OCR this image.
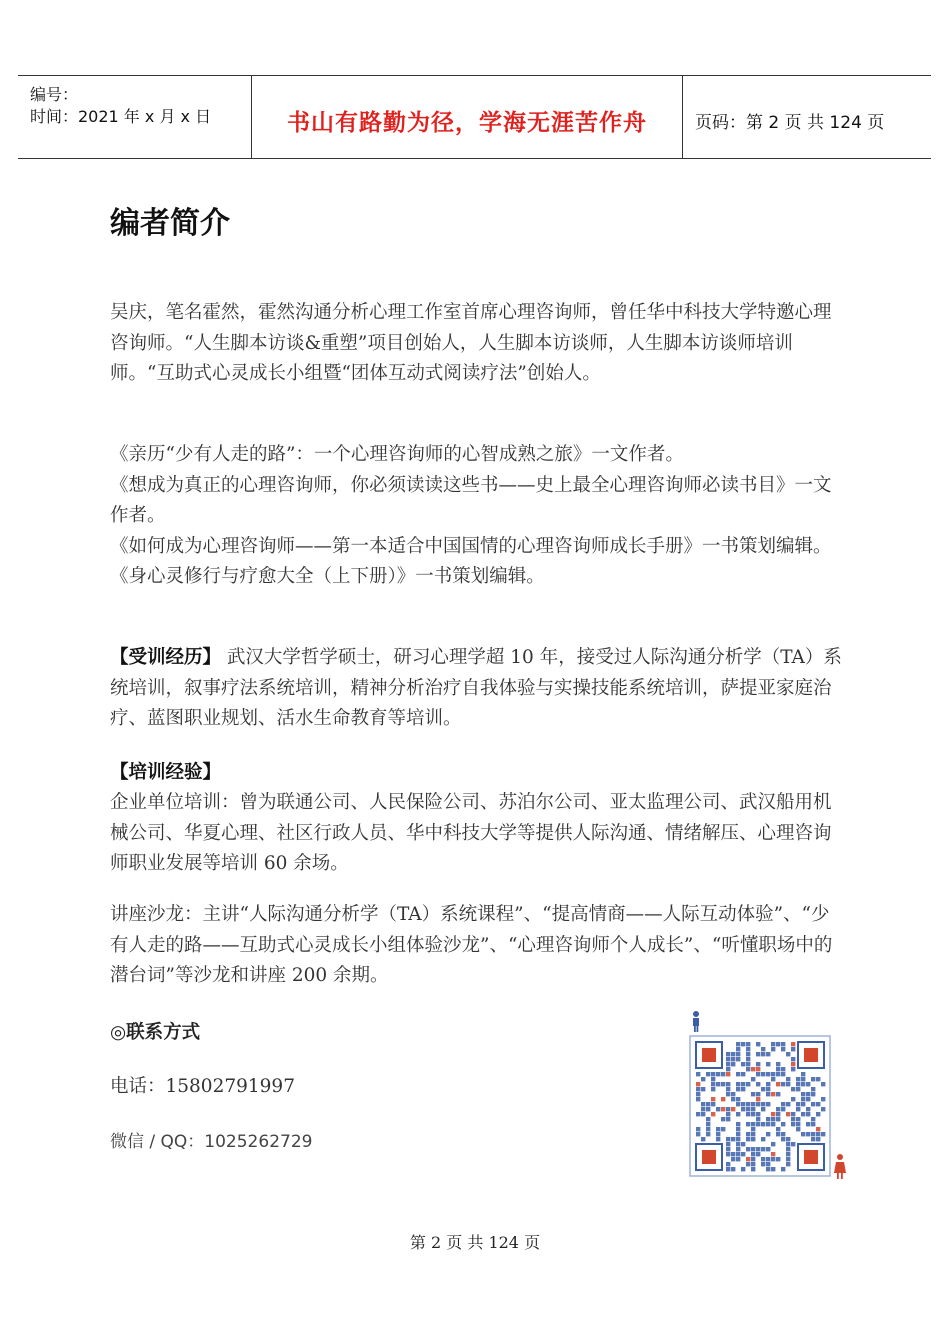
编号：
时间：2021 年 x 月 x 日	书山有路勤为径，学海无涯苦作舟	页码：第 2 页 共 124 页
编者简介
吴庆，笔名霍然，霍然沟通分析心理工作室首席心理咨询师，曾任华中科技大学特邀心理咨询师。“人生脚本访谈&重塑”项目创始人，人生脚本访谈师，人生脚本访谈师培训师。“互助式心灵成长小组暨“团体互动式阅读疗法”创始人。
《亲历“少有人走的路”：一个心理咨询师的心智成熟之旅》一文作者。
《想成为真正的心理咨询师，你必须读读这些书——史上最全心理咨询师必读书目》一文作者。
《如何成为心理咨询师——第一本适合中国国情的心理咨询师成长手册》一书策划编辑。
《身心灵修行与疗愈大全（上下册）》一书策划编辑。
【受训经历】 武汉大学哲学硕士，研习心理学超 10 年，接受过人际沟通分析学（TA）系统培训，叙事疗法系统培训，精神分析治疗自我体验与实操技能系统培训，萨提亚家庭治疗、蓝图职业规划、活水生命教育等培训。
【培训经验】
企业单位培训：曾为联通公司、人民保险公司、苏泊尔公司、亚太监理公司、武汉船用机械公司、华夏心理、社区行政人员、华中科技大学等提供人际沟通、情绪解压、心理咨询师职业发展等培训 60 余场。
讲座沙龙：主讲“人际沟通分析学（TA）系统课程”、“提高情商——人际互动体验”、“少有人走的路——互助式心灵成长小组体验沙龙”、“心理咨询师个人成长”、“听懂职场中的潜台词”等沙龙和讲座 200 余期。
◎联系方式
电话：15802791997
微信 / QQ：1025262729
第 2 页 共 124 页
